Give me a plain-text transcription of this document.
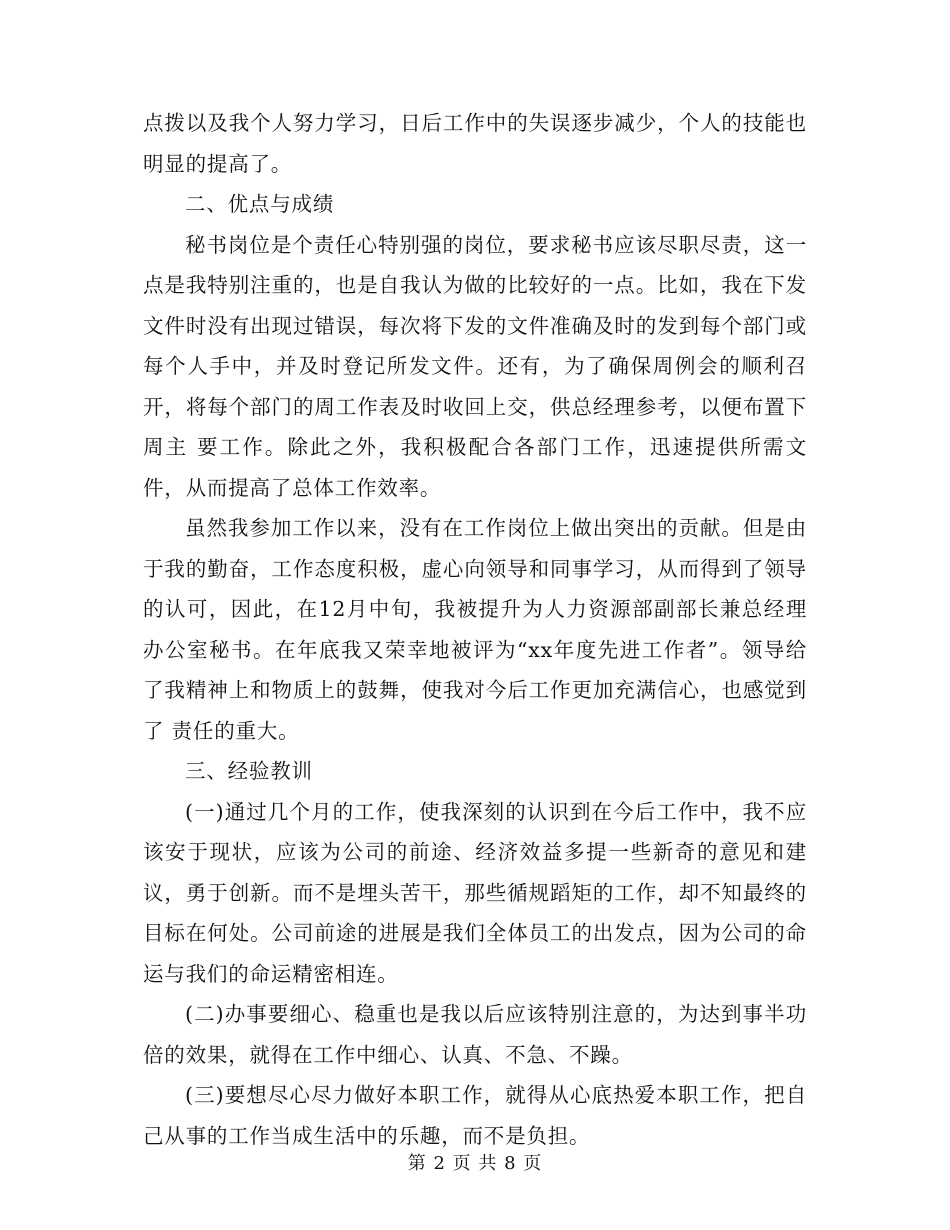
点拨以及我个人努力学习，日后工作中的失误逐步减少，个人的技能也明显的提高了。

二、优点与成绩

秘书岗位是个责任心特别强的岗位，要求秘书应该尽职尽责，这一点是我特别注重的，也是自我认为做的比较好的一点。比如，我在下发文件时没有出现过错误，每次将下发的文件准确及时的发到每个部门或每个人手中，并及时登记所发文件。还有，为了确保周例会的顺利召开，将每个部门的周工作表及时收回上交，供总经理参考，以便布置下周主 要工作。除此之外，我积极配合各部门工作，迅速提供所需文件，从而提高了总体工作效率。

虽然我参加工作以来，没有在工作岗位上做出突出的贡献。但是由于我的勤奋，工作态度积极，虚心向领导和同事学习，从而得到了领导的认可，因此，在12月中旬，我被提升为人力资源部副部长兼总经理办公室秘书。在年底我又荣幸地被评为“xx年度先进工作者”。领导给了我精神上和物质上的鼓舞，使我对今后工作更加充满信心，也感觉到了 责任的重大。

三、经验教训

(一)通过几个月的工作，使我深刻的认识到在今后工作中，我不应该安于现状，应该为公司的前途、经济效益多提一些新奇的意见和建议，勇于创新。而不是埋头苦干，那些循规蹈矩的工作，却不知最终的目标在何处。公司前途的进展是我们全体员工的出发点，因为公司的命运与我们的命运精密相连。

(二)办事要细心、稳重也是我以后应该特别注意的，为达到事半功倍的效果，就得在工作中细心、认真、不急、不躁。

(三)要想尽心尽力做好本职工作，就得从心底热爱本职工作，把自己从事的工作当成生活中的乐趣，而不是负担。

第 2 页 共 8 页
